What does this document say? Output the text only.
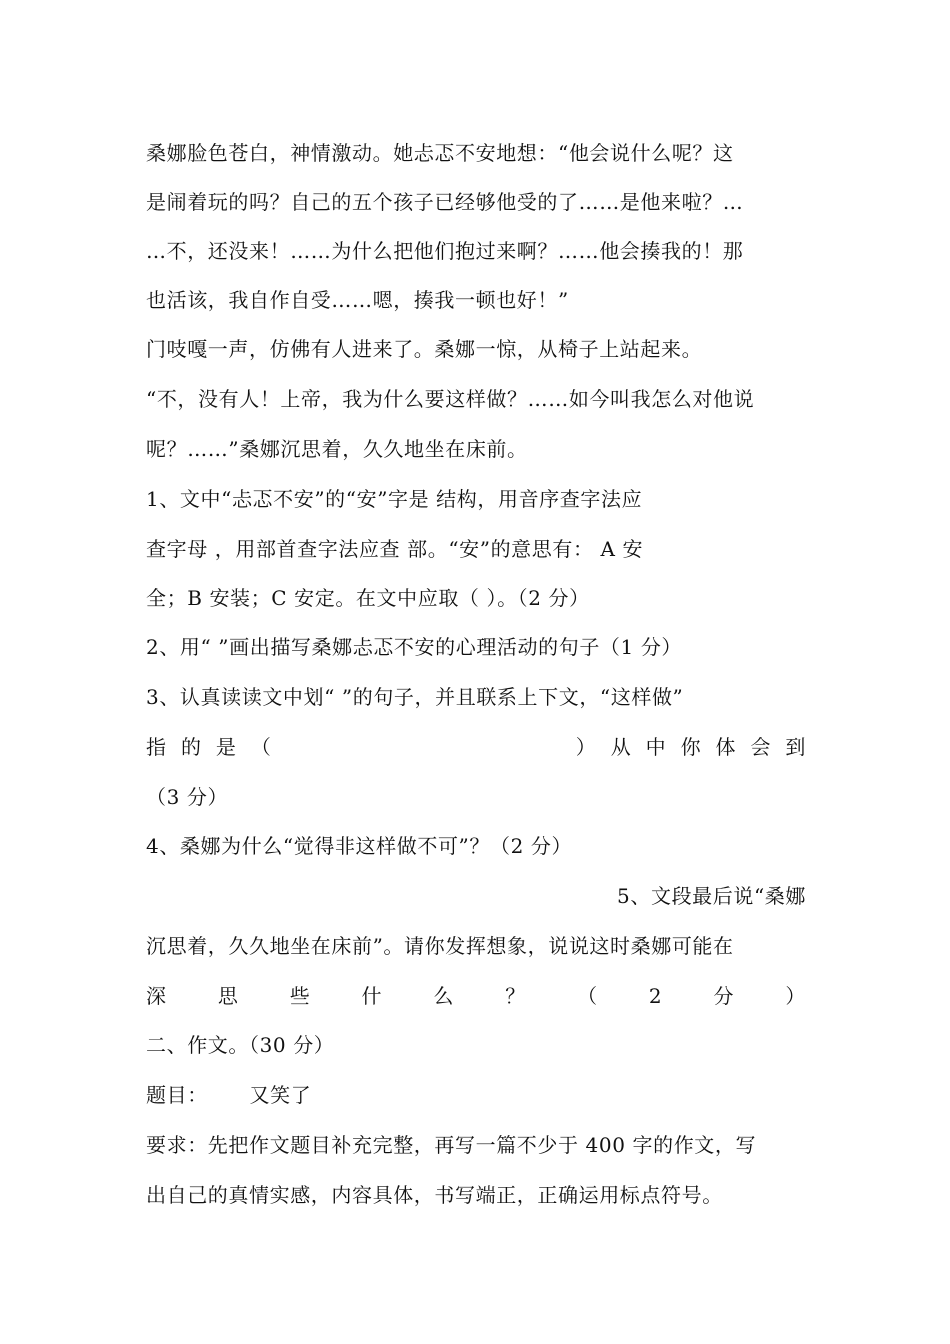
桑娜脸色苍白，神情激动。她忐忑不安地想：“他会说什么呢？这
是闹着玩的吗？自己的五个孩子已经够他受的了……是他来啦？…
…不，还没来！……为什么把他们抱过来啊？……他会揍我的！那
也活该，我自作自受……嗯，揍我一顿也好！”
门吱嘎一声，仿佛有人进来了。桑娜一惊，从椅子上站起来。
“不，没有人！上帝，我为什么要这样做？……如今叫我怎么对他说
呢？……”桑娜沉思着，久久地坐在床前。
1、文中“忐忑不安”的“安”字是 结构，用音序查字法应
查字母 ，用部首查字法应查 部。“安”的意思有： A 安
全；B 安装；C 安定。在文中应取（ ）。（2 分）
2、用“ ”画出描写桑娜忐忑不安的心理活动的句子（1 分）
3、认真读读文中划“ ”的句子，并且联系上下文，“这样做”
指 的 是 （	） 从 中 你 体 会 到
（3 分）
4、桑娜为什么“觉得非这样做不可”？（2 分）
5、文段最后说“桑娜
沉思着，久久地坐在床前”。请你发挥想象，说说这时桑娜可能在
深	思	些	什	么	？	（	2	分	）
二、作文。（30 分）
题目：      又笑了
要求：先把作文题目补充完整，再写一篇不少于 400 字的作文，写
出自己的真情实感，内容具体，书写端正，正确运用标点符号。
